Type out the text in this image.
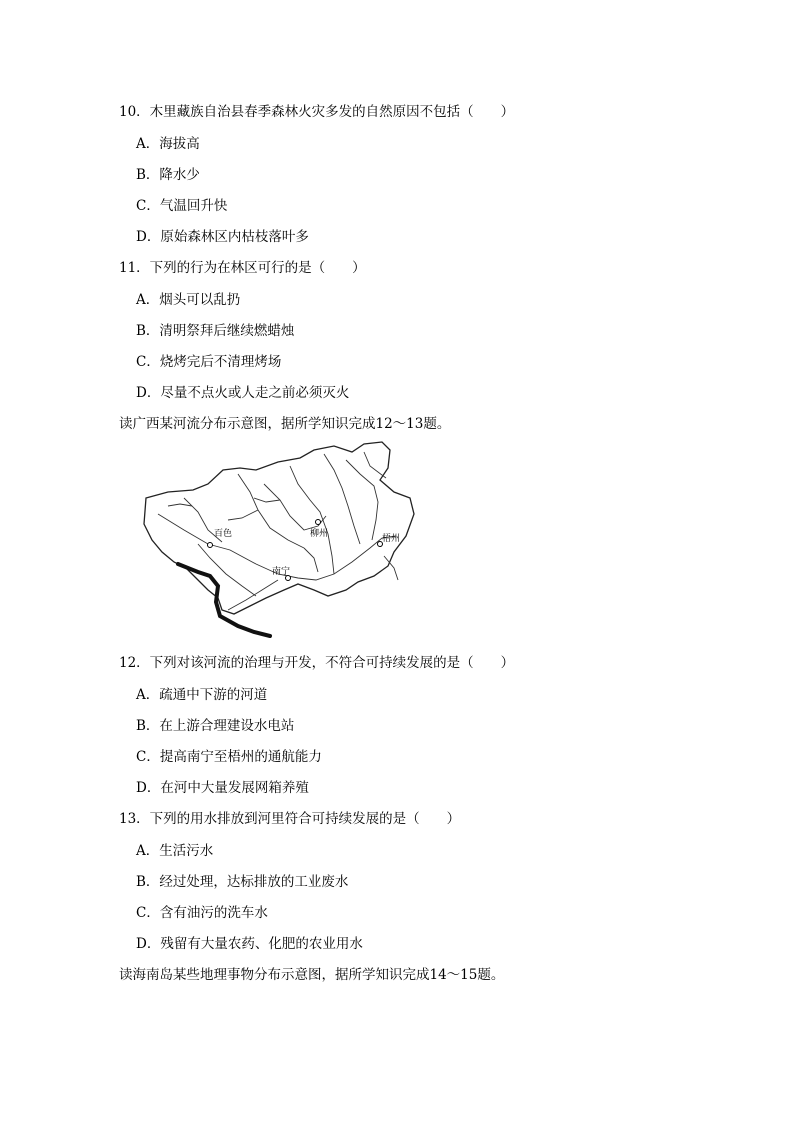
10．木里藏族自治县春季森林火灾多发的自然原因不包括（　　）
A．海拔高
B．降水少
C．气温回升快
D．原始森林区内枯枝落叶多
11．下列的行为在林区可行的是（　　）
A．烟头可以乱扔
B．清明祭拜后继续燃蜡烛
C．烧烤完后不清理烤场
D．尽量不点火或人走之前必须灭火
读广西某河流分布示意图，据所学知识完成12～13题。
百色	柳州	梧州
南宁
12．下列对该河流的治理与开发，不符合可持续发展的是（　　）
A．疏通中下游的河道
B．在上游合理建设水电站
C．提高南宁至梧州的通航能力
D．在河中大量发展网箱养殖
13．下列的用水排放到河里符合可持续发展的是（　　）
A．生活污水
B．经过处理，达标排放的工业废水
C．含有油污的洗车水
D．残留有大量农药、化肥的农业用水
读海南岛某些地理事物分布示意图，据所学知识完成14～15题。
